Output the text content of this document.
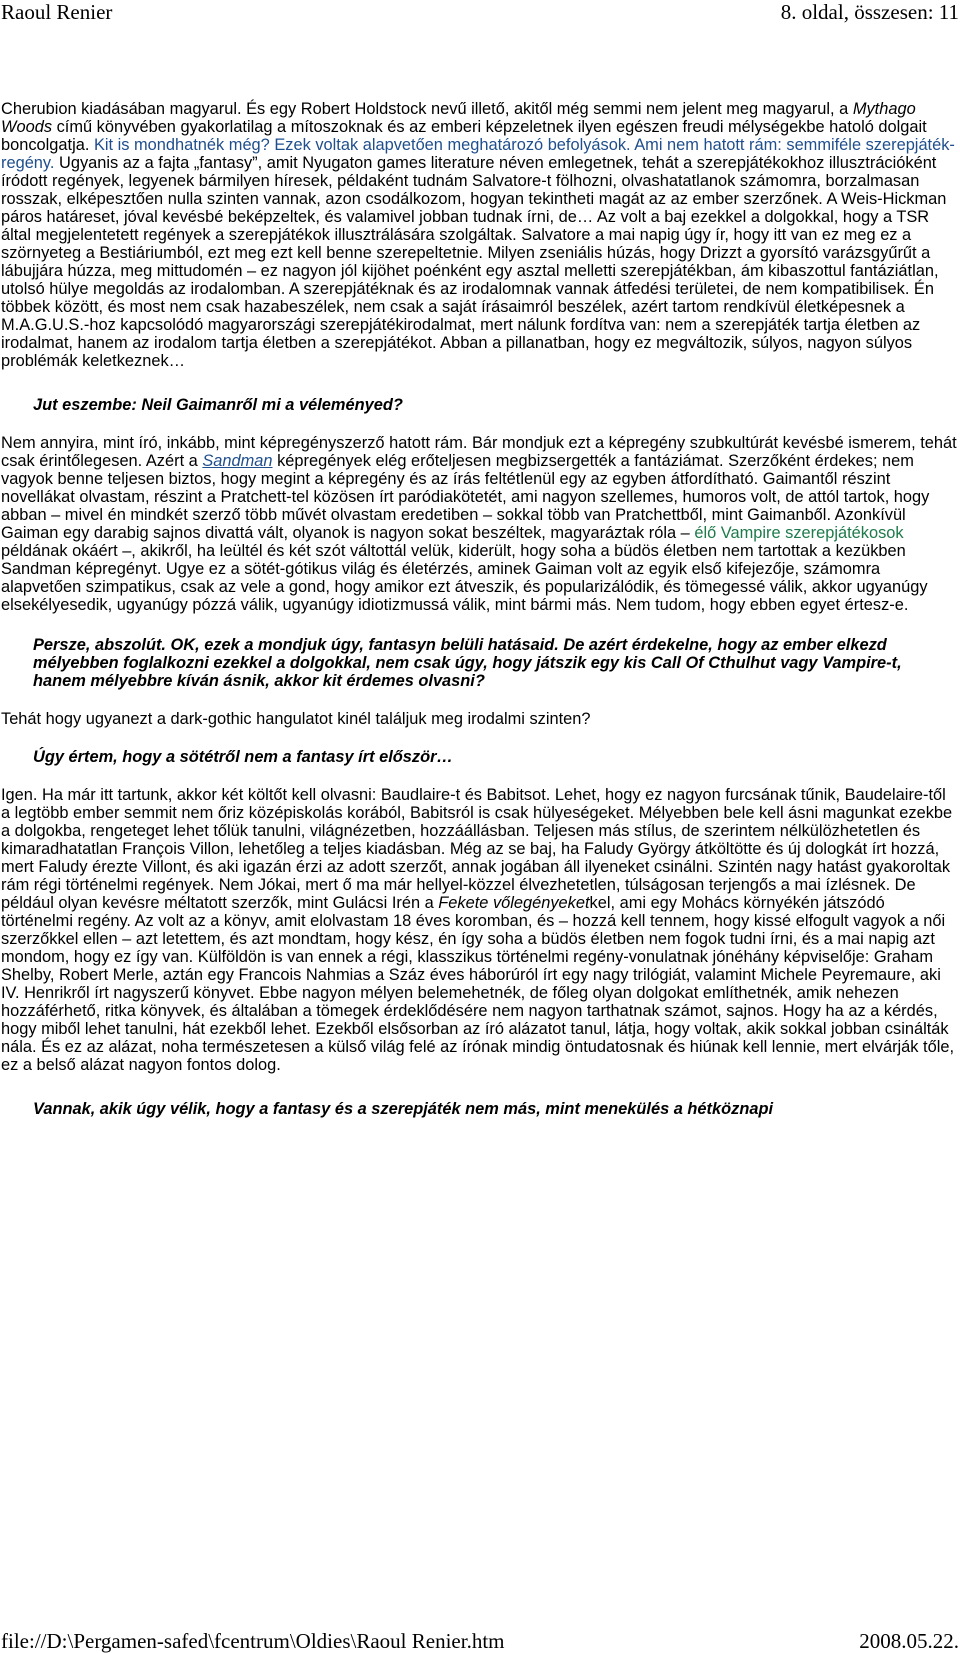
Raoul Renier	8. oldal, összesen: 11

Cherubion kiadásában magyarul. És egy Robert Holdstock nevű illető, akitől még semmi nem jelent meg magyarul, a Mythago Woods című könyvében gyakorlatilag a mítoszoknak és az emberi képzeletnek ilyen egészen freudi mélységekbe hatoló dolgait boncolgatja. Kit is mondhatnék még? Ezek voltak alapvetően meghatározó befolyások. Ami nem hatott rám: semmiféle szerepjáték-regény. Ugyanis az a fajta „fantasy”, amit Nyugaton games literature néven emlegetnek, tehát a szerepjátékokhoz illusztrációként íródott regények, legyenek bármilyen híresek, példaként tudnám Salvatore-t fölhozni, olvashatatlanok számomra, borzalmasan rosszak, elképesztően nulla szinten vannak, azon csodálkozom, hogyan tekintheti magát az az ember szerzőnek. A Weis-Hickman páros határeset, jóval kevésbé beképzeltek, és valamivel jobban tudnak írni, de… Az volt a baj ezekkel a dolgokkal, hogy a TSR által megjelentetett regények a szerepjátékok illusztrálására szolgáltak. Salvatore a mai napig úgy ír, hogy itt van ez meg ez a szörnyeteg a Bestiáriumból, ezt meg ezt kell benne szerepeltetnie. Milyen zseniális húzás, hogy Drizzt a gyorsító varázsgyűrűt a lábujjára húzza, meg mittudomén – ez nagyon jól kijöhet poénként egy asztal melletti szerepjátékban, ám kibaszottul fantáziátlan, utolsó hülye megoldás az irodalomban. A szerepjátéknak és az irodalomnak vannak átfedési területei, de nem kompatibilisek. Én többek között, és most nem csak hazabeszélek, nem csak a saját írásaimról beszélek, azért tartom rendkívül életképesnek a M.A.G.U.S.-hoz kapcsolódó magyarországi szerepjátékirodalmat, mert nálunk fordítva van: nem a szerepjáték tartja életben az irodalmat, hanem az irodalom tartja életben a szerepjátékot. Abban a pillanatban, hogy ez megváltozik, súlyos, nagyon súlyos problémák keletkeznek…

Jut eszembe: Neil Gaimanről mi a véleményed?

Nem annyira, mint író, inkább, mint képregényszerző hatott rám. Bár mondjuk ezt a képregény szubkultúrát kevésbé ismerem, tehát csak érintőlegesen. Azért a Sandman képregények elég erőteljesen megbizsergették a fantáziámat. Szerzőként érdekes; nem vagyok benne teljesen biztos, hogy megint a képregény és az írás feltétlenül egy az egyben átfordítható. Gaimantől részint novellákat olvastam, részint a Pratchett-tel közösen írt paródiakötetét, ami nagyon szellemes, humoros volt, de attól tartok, hogy abban – mivel én mindkét szerző több művét olvastam eredetiben – sokkal több van Pratchettből, mint Gaimanből. Azonkívül Gaiman egy darabig sajnos divattá vált, olyanok is nagyon sokat beszéltek, magyaráztak róla – élő Vampire szerepjátékosok példának okáért –, akikről, ha leültél és két szót váltottál velük, kiderült, hogy soha a büdös életben nem tartottak a kezükben Sandman képregényt. Ugye ez a sötét-gótikus világ és életérzés, aminek Gaiman volt az egyik első kifejezője, számomra alapvetően szimpatikus, csak az vele a gond, hogy amikor ezt átveszik, és popularizálódik, és tömegessé válik, akkor ugyanúgy elsekélyesedik, ugyanúgy pózzá válik, ugyanúgy idiotizmussá válik, mint bármi más. Nem tudom, hogy ebben egyet értesz-e.

Persze, abszolút. OK, ezek a mondjuk úgy, fantasyn belüli hatásaid. De azért érdekelne, hogy az ember elkezd mélyebben foglalkozni ezekkel a dolgokkal, nem csak úgy, hogy játszik egy kis Call Of Cthulhut vagy Vampire-t, hanem mélyebbre kíván ásnik, akkor kit érdemes olvasni?

Tehát hogy ugyanezt a dark-gothic hangulatot kinél találjuk meg irodalmi szinten?

Úgy értem, hogy a sötétről nem a fantasy írt először…

Igen. Ha már itt tartunk, akkor két költőt kell olvasni: Baudlaire-t és Babitsot. Lehet, hogy ez nagyon furcsának tűnik, Baudelaire-től a legtöbb ember semmit nem őriz középiskolás korából, Babitsról is csak hülyeségeket. Mélyebben bele kell ásni magunkat ezekbe a dolgokba, rengeteget lehet tőlük tanulni, világnézetben, hozzáállásban. Teljesen más stílus, de szerintem nélkülözhetetlen és kimaradhatatlan François Villon, lehetőleg a teljes kiadásban. Még az se baj, ha Faludy György átköltötte és új dologkát írt hozzá, mert Faludy érezte Villont, és aki igazán érzi az adott szerzőt, annak jogában áll ilyeneket csinálni. Szintén nagy hatást gyakoroltak rám régi történelmi regények. Nem Jókai, mert ő ma már hellyel-közzel élvezhetetlen, túlságosan terjengős a mai ízlésnek. De például olyan kevésre méltatott szerzők, mint Gulácsi Irén a Fekete vőlegényeketkel, ami egy Mohács környékén játszódó történelmi regény. Az volt az a könyv, amit elolvastam 18 éves koromban, és – hozzá kell tennem, hogy kissé elfogult vagyok a női szerzőkkel ellen – azt letettem, és azt mondtam, hogy kész, én így soha a büdös életben nem fogok tudni írni, és a mai napig azt mondom, hogy ez így van. Külföldön is van ennek a régi, klasszikus történelmi regény-vonulatnak jónéhány képviselője: Graham Shelby, Robert Merle, aztán egy Francois Nahmias a Száz éves háborúról írt egy nagy trilógiát, valamint Michele Peyremaure, aki IV. Henrikről írt nagyszerű könyvet. Ebbe nagyon mélyen belemehetnék, de főleg olyan dolgokat említhetnék, amik nehezen hozzáférhető, ritka könyvek, és általában a tömegek érdeklődésére nem nagyon tarthatnak számot, sajnos. Hogy ha az a kérdés, hogy miből lehet tanulni, hát ezekből lehet. Ezekből elsősorban az író alázatot tanul, látja, hogy voltak, akik sokkal jobban csinálták nála. És ez az alázat, noha természetesen a külső világ felé az írónak mindig öntudatosnak és hiúnak kell lennie, mert elvárják tőle, ez a belső alázat nagyon fontos dolog.

Vannak, akik úgy vélik, hogy a fantasy és a szerepjáték nem más, mint menekülés a hétköznapi

file://D:\Pergamen-safed\fcentrum\Oldies\Raoul Renier.htm	2008.05.22.
